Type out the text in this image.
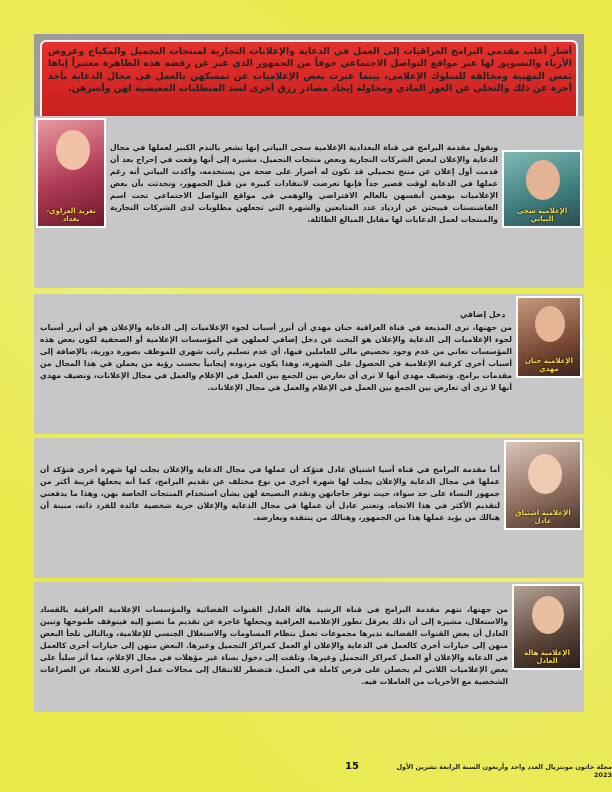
أشار أغلب مقدمي البرامج العراقيات إلى العمل في الدعاية والإعلانات التجارية لمنتجات التجميل والمكياج وعروض الأزياء والتسويق لها عبر مواقع التواصل الاجتماعي خوفاً من الجمهور الذي عبر عن رفضه هذه الظاهرة معتبراً إياها تمس المهنية ومخالفة للسلوك الإعلامي، بينما عبرت بعض الإعلاميات عن تمسكهن بالعمل في مجال الدعاية بأخذ أجرة عن ذلك والتخلي عن العوز المادي ومحاولة إيجاد مصادر رزق أخرى لسد المتطلبات المعيشية لهن وأسرهن.
تغريد العزاوي-بغداد
الإعلامية سجى البياتي
وتقول مقدمة البرامج في قناة البغدادية الإعلامية سجى البياتي إنها تشعر بالندم الكبير لعملها في مجال الدعاية والإعلان لبعض الشركات التجارية وبعض منتجات التجميل، مشيرة إلى أنها وقعت في إحراج بعد أن قدمت أول إعلان عن منتج تجميلي قد تكون له أضرار على صحة من يستخدمه، وأكدت البياتي أنه رغم عملها في الدعاية لوقت قصير جداً فإنها تعرضت لانتقادات كبيرة من قبل الجمهور، وتحدثت بأن بعض الإعلاميات يوهمن أنفسهن بالعالم الافتراضي والوهمي في مواقع التواصل الاجتماعي تحت اسم الفاشنستات فيبحثن عن ازدياد عدد المتابعين والشهرة التي تجعلهن مطلوبات لدى الشركات التجارية والمنتجات لعمل الدعايات لها مقابل المبالغ الطائلة.
دخل إضافي
الإعلامية حنان مهدي
من جهتها، ترى المذيعة في قناة العراقية حنان مهدي أن أبرز أسباب لجوء الإعلاميات إلى الدعاية والإعلان هو أن أبرز أسباب لجوء الإعلاميات إلى الدعاية والإعلان هو البحث عن دخل إضافي لعملهن في المؤسسات الإعلامية أو الصحفية لكون بعض هذه المؤسسات تعاني من عدم وجود تخصيص مالي للعاملين فيها، أي عدم تسليم راتب شهري للموظف بصورة دورية، بالإضافة إلى أسباب أخرى كرغبة الإعلامية في الحصول على الشهرة، وهذا يكون مردوده إيجابياً بحسب رؤية من يعملن في هذا المجال من مقدمات برامج. وتضيف مهدي أنها لا ترى أي تعارض بين الجمع بين العمل في الإعلام والعمل في مجال الإعلانات، وتضيف مهدي أنها لا ترى أي تعارض بين الجمع بين العمل في الإعلام والعمل في مجال الإعلانات.
الإعلامية اشتياق عادل
أما مقدمة البرامج في قناة آسيا اشتياق عادل فتؤكد أن عملها في مجال الدعاية والإعلان يجلب لها شهرة أخرى فتؤكد أن عملها في مجال الدعاية والإعلان يجلب لها شهرة أخرى من نوع مختلف عن تقديم البرامج، كما أنه يجعلها قريبة أكثر من جمهور النساء على حد سواء، حيث توفر حاجاتهن وتقدم النصيحة لهن بشأن استخدام المنتجات الخاصة بهن، وهذا ما يدفعني لتقديم الأكثر في هذا الاتجاه. وتعتبر عادل أن عملها في مجال الدعاية والإعلان حرية شخصية عائدة للفرد ذاته، مبينة أن هنالك من يؤيد عملها هذا من الجمهور، وهنالك من ينتقده ويعارضه.
الإعلامية هالة العادل
من جهتها، تتهم مقدمة البرامج في قناة الرشيد هالة العادل القنوات الفضائية والمؤسسات الإعلامية العراقية بالفساد والاستغلال، مشيرة إلى أن ذلك يعرقل تطور الإعلامية العراقية ويجعلها عاجزة عن تقديم ما تصبو إليه فيتوقف طموحها وتبين العادل أن بعض القنوات الفضائية تديرها مجموعات تعمل بنظام المساومات والاستغلال الجنسي للإعلامية، وبالتالي تلجأ البعض منهن إلى خيارات أخرى كالعمل في الدعاية والإعلان أو العمل كمراكز التجميل وغيرها. البعض منهن إلى خيارات أخرى كالعمل في الدعاية والإعلان أو العمل كمراكز التجميل وغيرها. وتلفت إلى دخول نساء غير مؤهلات في مجال الإعلام، مما أثر سلباً على بعض الإعلاميات اللاتي لم يحصلن على فرص كاملة في العمل، فتضطر للانتقال إلى مجالات عمل أخرى للابتعاد عن الصراعات الشخصية مع الأخريات من العاملات فيه.
15	مجلة خاتون مونتريال العدد واحد وأربعون السنة الرابعة تشرين الأول 2023
